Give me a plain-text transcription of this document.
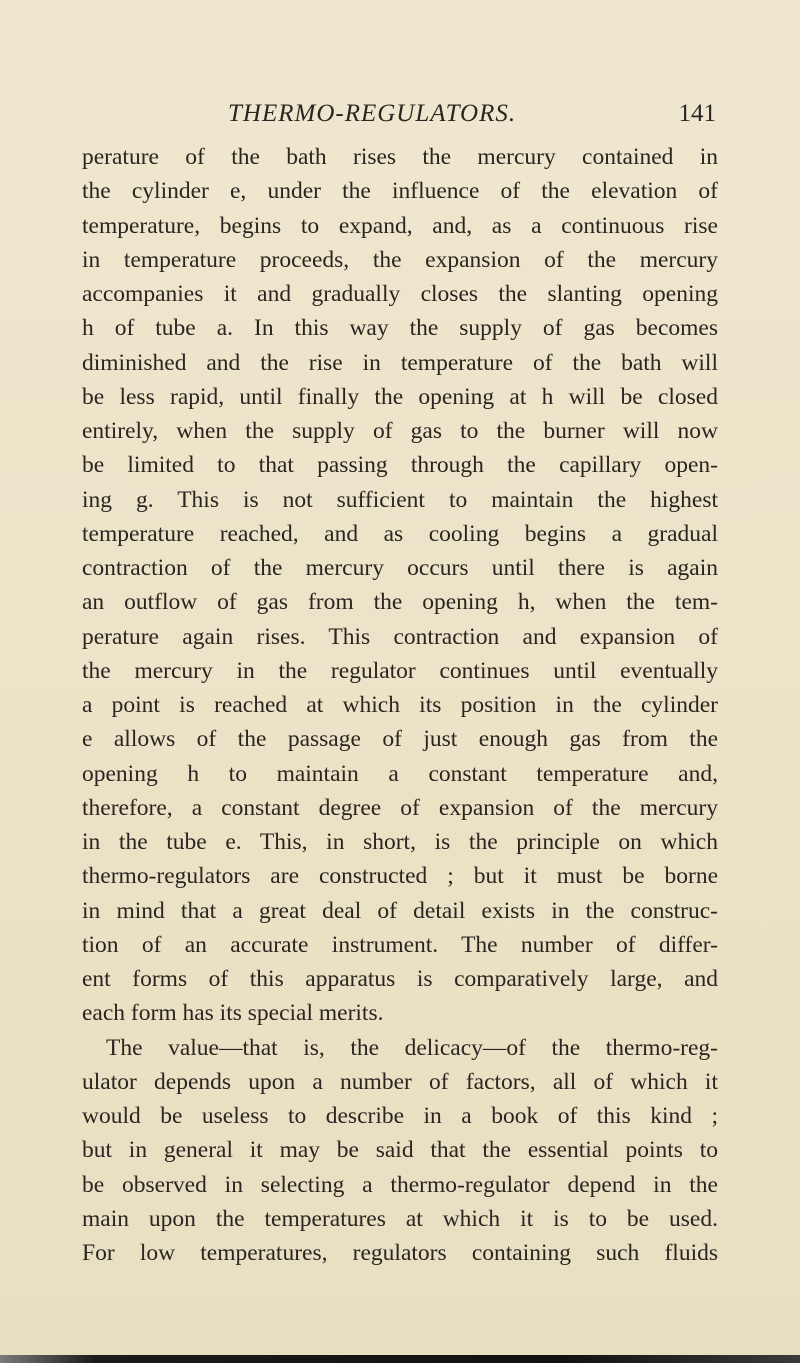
THERMO-REGULATORS.	141
perature of the bath rises the mercury contained in
the cylinder e, under the influence of the elevation of
temperature, begins to expand, and, as a continuous rise
in temperature proceeds, the expansion of the mercury
accompanies it and gradually closes the slanting opening
h of tube a. In this way the supply of gas becomes
diminished and the rise in temperature of the bath will
be less rapid, until finally the opening at h will be closed
entirely, when the supply of gas to the burner will now
be limited to that passing through the capillary open-
ing g. This is not sufficient to maintain the highest
temperature reached, and as cooling begins a gradual
contraction of the mercury occurs until there is again
an outflow of gas from the opening h, when the tem-
perature again rises. This contraction and expansion of
the mercury in the regulator continues until eventually
a point is reached at which its position in the cylinder
e allows of the passage of just enough gas from the
opening h to maintain a constant temperature and,
therefore, a constant degree of expansion of the mercury
in the tube e. This, in short, is the principle on which
thermo-regulators are constructed ; but it must be borne
in mind that a great deal of detail exists in the construc-
tion of an accurate instrument. The number of differ-
ent forms of this apparatus is comparatively large, and
each form has its special merits.
The value—that is, the delicacy—of the thermo-reg-
ulator depends upon a number of factors, all of which it
would be useless to describe in a book of this kind ;
but in general it may be said that the essential points to
be observed in selecting a thermo-regulator depend in the
main upon the temperatures at which it is to be used.
For low temperatures, regulators containing such fluids
